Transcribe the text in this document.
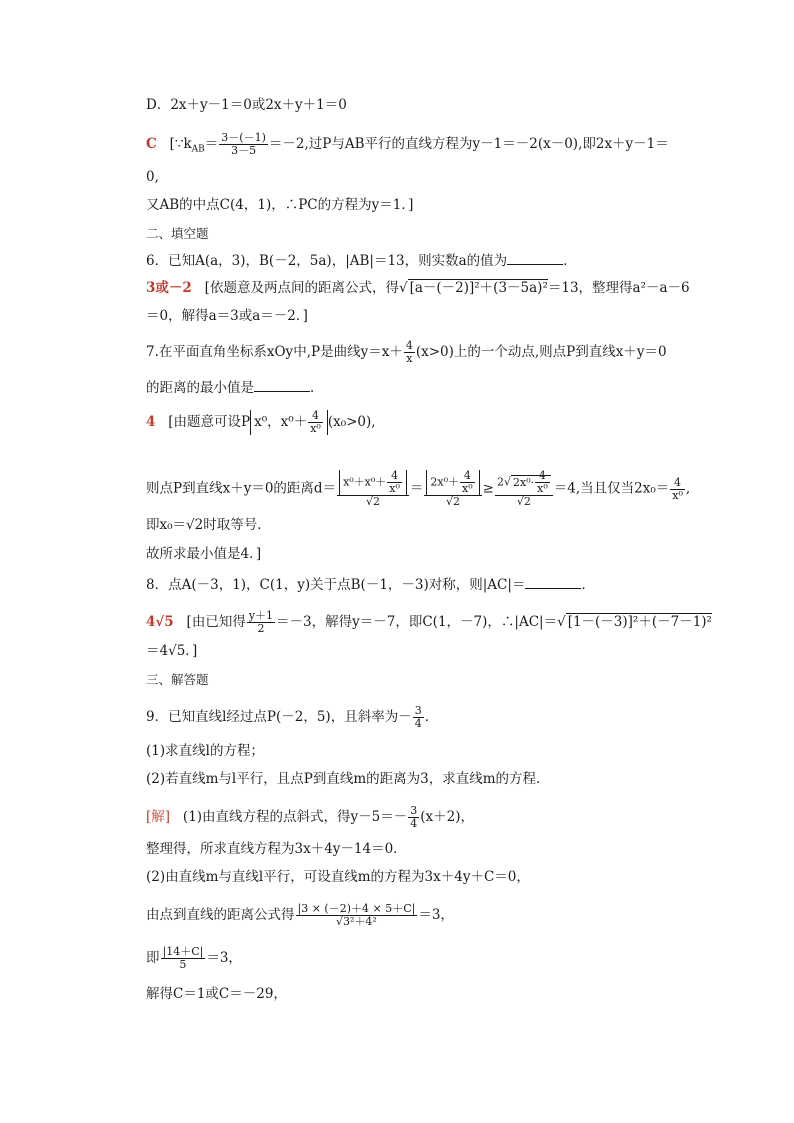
D．2x＋y－1＝0或2x＋y＋1＝0
C [$\because k_{AB}= \frac{3-(-1)}{3-5} =-2$,过P与AB平行的直线方程为y－1＝－2(x－0),即2x＋y－1＝
0,
又AB的中点C(4，1)，∴PC的方程为y＝1．]
二、填空题
6．已知A(a，3)，B(－2，5a)，|AB|＝13，则实数a的值为	．
3或－2 [依题意及两点间的距离公式，得√ [a－(－2)]²＋(3－5a)²＝13，整理得a²－a－6
＝0，解得a＝3或a＝－2．]
7.在平面直角坐标系xOy中,P是曲线$y=x+ \frac{4}{x} (x>0)$上的一个动点,则点P到直线x＋y＝0
的距离的最小值是	．
4 [由题意可设P x⁰，$x^0+ \frac{4}{\text{x⁰}} (x_0>0)$,
则点P到直线x＋y＝0的距离$d= \frac{x^0+x^0+ \frac{4}{\text{x⁰}}}{√2} = \frac{2x^0+ \frac{4}{\text{x⁰}}}{√2} \ge \frac{2√ 2x^0\cdot \frac{4}{\text{x⁰}}}{√2} =4$,当且仅当$2x_0= \frac{4}{\text{x⁰}}$ ,
即x₀＝√2时取等号．
故所求最小值是4．]
8．点A(－3，1)，C(1，y)关于点B(－1，－3)对称，则|AC|＝	．
4√5 [由已知得 $\frac{y+1}{2} =-3$，解得y＝－7，即C(1，－7)，∴|AC|＝√ [1－(－3)]²＋(－7－1)²
＝4√5．]
三、解答题
9．已知直线l经过点P(－2，5)，且斜率为－ $\frac{3}{4}$ ．
(1)求直线l的方程；
(2)若直线m与l平行，且点P到直线m的距离为3，求直线m的方程．
[解] (1)由直线方程的点斜式，得$y-5=- \frac{3}{4} (x+2)$，
整理得，所求直线方程为3x＋4y－14＝0．
(2)由直线m与直线l平行，可设直线m的方程为3x＋4y＋C＝0，
由点到直线的距离公式得 $\frac{|3 \times (-2)+4 \times 5+C|}{\text{√3²＋4²}} =3$，
即 $\frac{|14+C|}{5} =3$，
解得C＝1或C＝－29，
